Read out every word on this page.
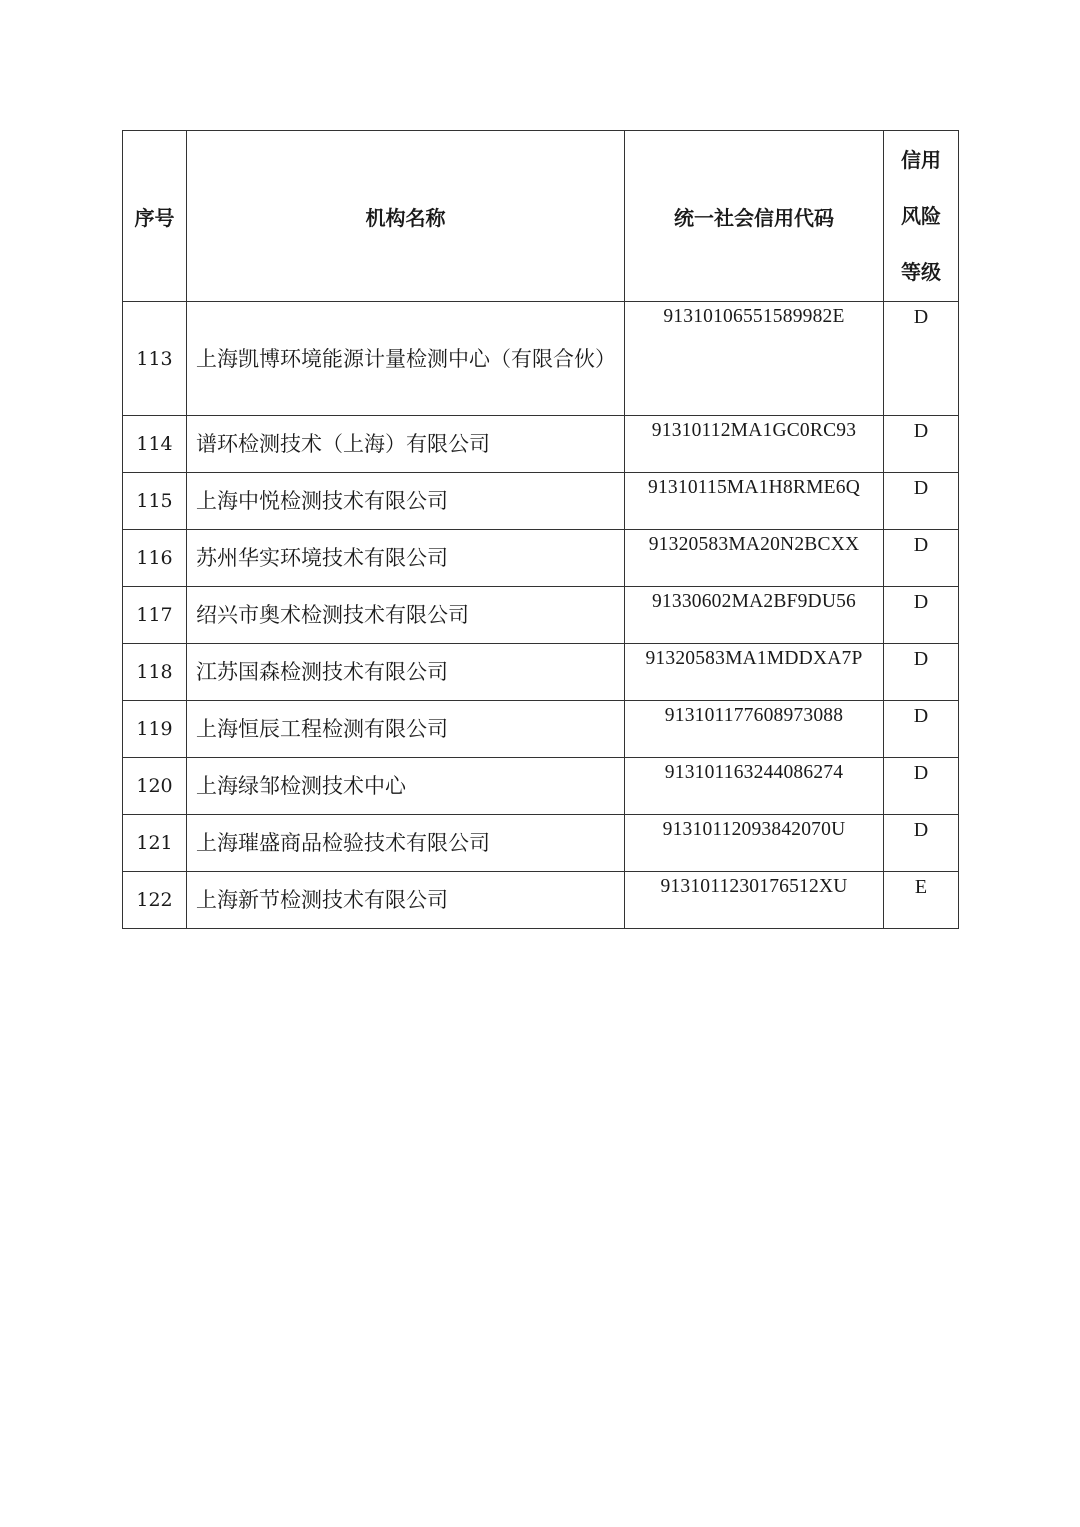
序号	机构名称	统一社会信用代码	信用风险等级

113	上海凯博环境能源计量检测中心（有限合伙）	91310106551589982E	D
114	谱环检测技术（上海）有限公司	91310112MA1GC0RC93	D
115	上海中悦检测技术有限公司	91310115MA1H8RME6Q	D
116	苏州华实环境技术有限公司	91320583MA20N2BCXX	D
117	绍兴市奥术检测技术有限公司	91330602MA2BF9DU56	D
118	江苏国森检测技术有限公司	91320583MA1MDDXA7P	D
119	上海恒辰工程检测有限公司	913101177608973088	D
120	上海绿邹检测技术中心	913101163244086274	D
121	上海璀盛商品检验技术有限公司	91310112093842070U	D
122	上海新节检测技术有限公司	9131011230176512XU	E
